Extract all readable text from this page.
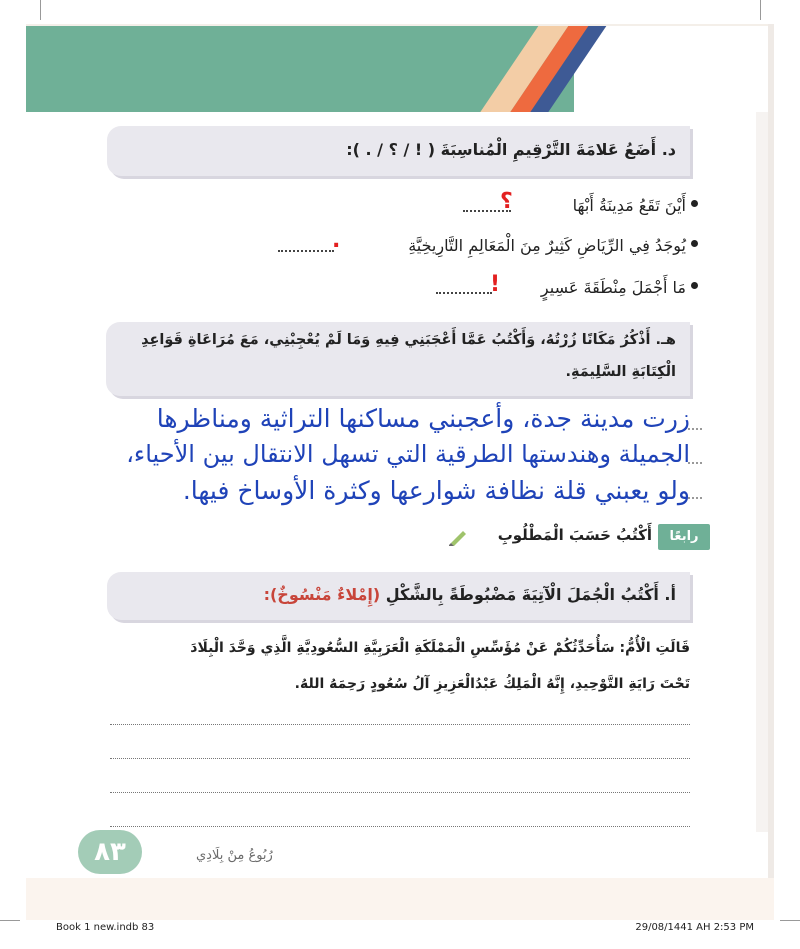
د. أَضَعُ عَلامَةَ التَّرْقِيمِ الْمُناسِبَةَ ( ! / ؟ / . ):
أَيْنَ تَقَعُ مَدِينَةُ أَبْهَا
؟
يُوجَدُ فِي الرِّيَاضِ كَثِيرٌ مِنَ الْمَعَالِمِ التَّارِيخِيَّةِ
.
مَا أَجْمَلَ مِنْطَقَةَ عَسِيرٍ
!
هـ. أَذْكُرُ مَكَانًا زُرْتُهُ، وَأَكْتُبُ عَمَّا أَعْجَبَنِي فِيهِ وَمَا لَمْ يُعْجِبْنِي، مَعَ مُرَاعَاةِ قَوَاعِدِ
الْكِتَابَةِ السَّلِيمَةِ.
زرت مدينة جدة، وأعجبني مساكنها التراثية ومناظرها
الجميلة وهندستها الطرقية التي تسهل الانتقال بين الأحياء،
ولو يعبني قلة نظافة شوارعها وكثرة الأوساخ فيها.
رابعًا
أَكْتُبُ حَسَبَ الْمَطْلُوبِ
أ. أَكْتُبُ الْجُمَلَ الْآتِيَةَ مَضْبُوطَةً بِالشَّكْلِ (إِمْلاءٌ مَنْسُوخٌ):
قَالَتِ الْأُمُّ: سَأُحَدِّثُكُمْ عَنْ مُؤَسِّسِ الْمَمْلَكَةِ الْعَرَبِيَّةِ السُّعُودِيَّةِ الَّذِي وَحَّدَ الْبِلَادَ
تَحْتَ رَايَةِ التَّوْحِيدِ، إِنَّهُ الْمَلِكُ عَبْدُالْعَزِيزِ آلُ سُعُودٍ رَحِمَهُ اللهُ.
٨٣	رُبُوعُ مِنْ بِلَادِي
Book 1 new.indb 83	29/08/1441 AH 2:53 PM
